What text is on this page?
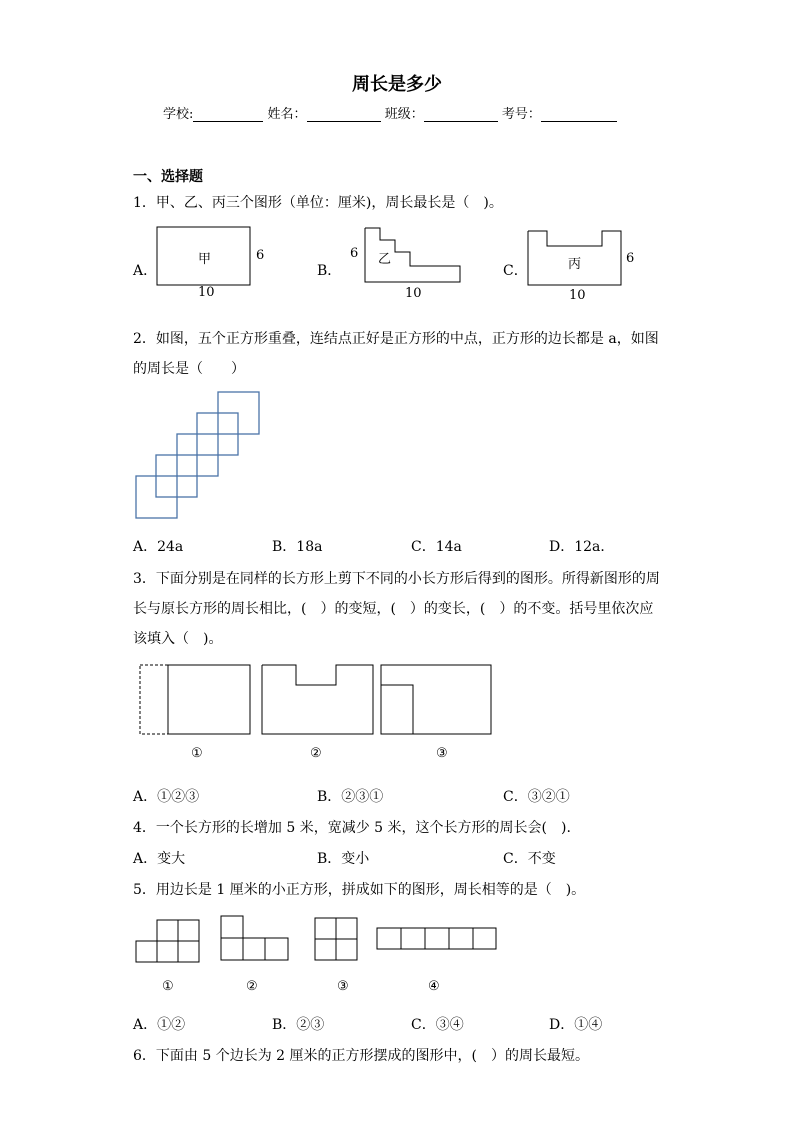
周长是多少
学校:	姓名：	班级：	考号：
一、选择题
1．甲、乙、丙三个图形（单位：厘米)，周长最长是（　)。
A．	B．	C．
甲	6
10
乙
6
10
丙	6
10
2．如图，五个正方形重叠，连结点正好是正方形的中点，正方形的边长都是 a，如图
的周长是（　　）
A．24a	B．18a	C．14a	D．12a．
3．下面分别是在同样的长方形上剪下不同的小长方形后得到的图形。所得新图形的周
长与原长方形的周长相比，(　）的变短，(　）的变长，(　）的不变。括号里依次应
该填入（　)。
①	②	③
A．①②③	B．②③①	C．③②①
4．一个长方形的长增加 5 米，宽减少 5 米，这个长方形的周长会(　).
A．变大	B．变小	C．不变
5．用边长是 1 厘米的小正方形，拼成如下的图形，周长相等的是（　)。
①	②	③	④
A．①②	B．②③	C．③④	D．①④
6．下面由 5 个边长为 2 厘米的正方形摆成的图形中，(　）的周长最短。
